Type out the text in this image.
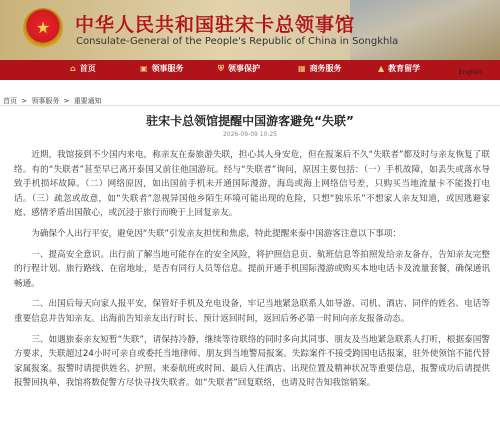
★ 中华人民共和国驻宋卡总领事馆
Consulate-General of the People's Republic of China in Songkhla
⌂ 首页	▣ 领事服务	⛨ 领事保护	▦ 商务服务	▲ 教育留学	English
首页 > 领事服务 > 重要通知
驻宋卡总领馆提醒中国游客避免“失联”
2026-09-09 10:25

近期，我馆接到不少国内来电，称亲友在泰旅游失联，担心其人身安危，但在报案后不久“失联者”都及时与亲友恢复了联络。有的“失联者”甚至早已离开泰国又前往他国游玩。经与“失联者”询问，原因主要包括：（一）手机故障，如丢失或落水导致手机损坏故障。（二）网络原因，如出国前手机未开通国际漫游，海岛或海上网络信号差，只购买当地流量卡不能拨打电话。（三）疏忽或故意，如“失联者”忽视异国他乡陌生环境可能出现的危险，只想“独乐乐”不想家人亲友知道，或因逃避家庭、感情矛盾出国散心，或沉浸于旅行而晚于上回复亲友。

为确保个人出行平安，避免因“失联”引发亲友担忧和焦虑，特此提醒来泰中国游客注意以下事项：

一、提高安全意识。出行前了解当地可能存在的安全风险，将护照信息页、航班信息等拍照发给亲友备存，告知亲友完整的行程计划、旅行路线、在宿地址，是否有同行人员等信息。提前开通手机国际漫游或购买本地电话卡及流量套餐，确保通讯畅通。

二、出国后每天向家人报平安，保管好手机及充电设备，牢记当地紧急联系人如导游、司机、酒店、同伴的姓名、电话等重要信息并告知亲友。出海前告知亲友出行时长、预计返回时间，返回后务必第一时间向亲友报备动态。

三、如遇旅泰亲友短暂“失联”，请保持冷静，继续等待联络的同时多向其同事、朋友及当地紧急联系人打听，根据泰国警方要求，失联超过24小时可亲自或委托当地律师、朋友到当地警局报案。失踪案件不接受跨国电话报案，驻外使领馆不能代替家属报案。报警时请提供姓名、护照、来泰航班或时间、最后入住酒店、出现位置及精神状况等重要信息，报警成功后请提供报警回执单，我馆将数促警方尽快寻找失联者。如“失联者”回复联络，也请及时告知我馆销案。
